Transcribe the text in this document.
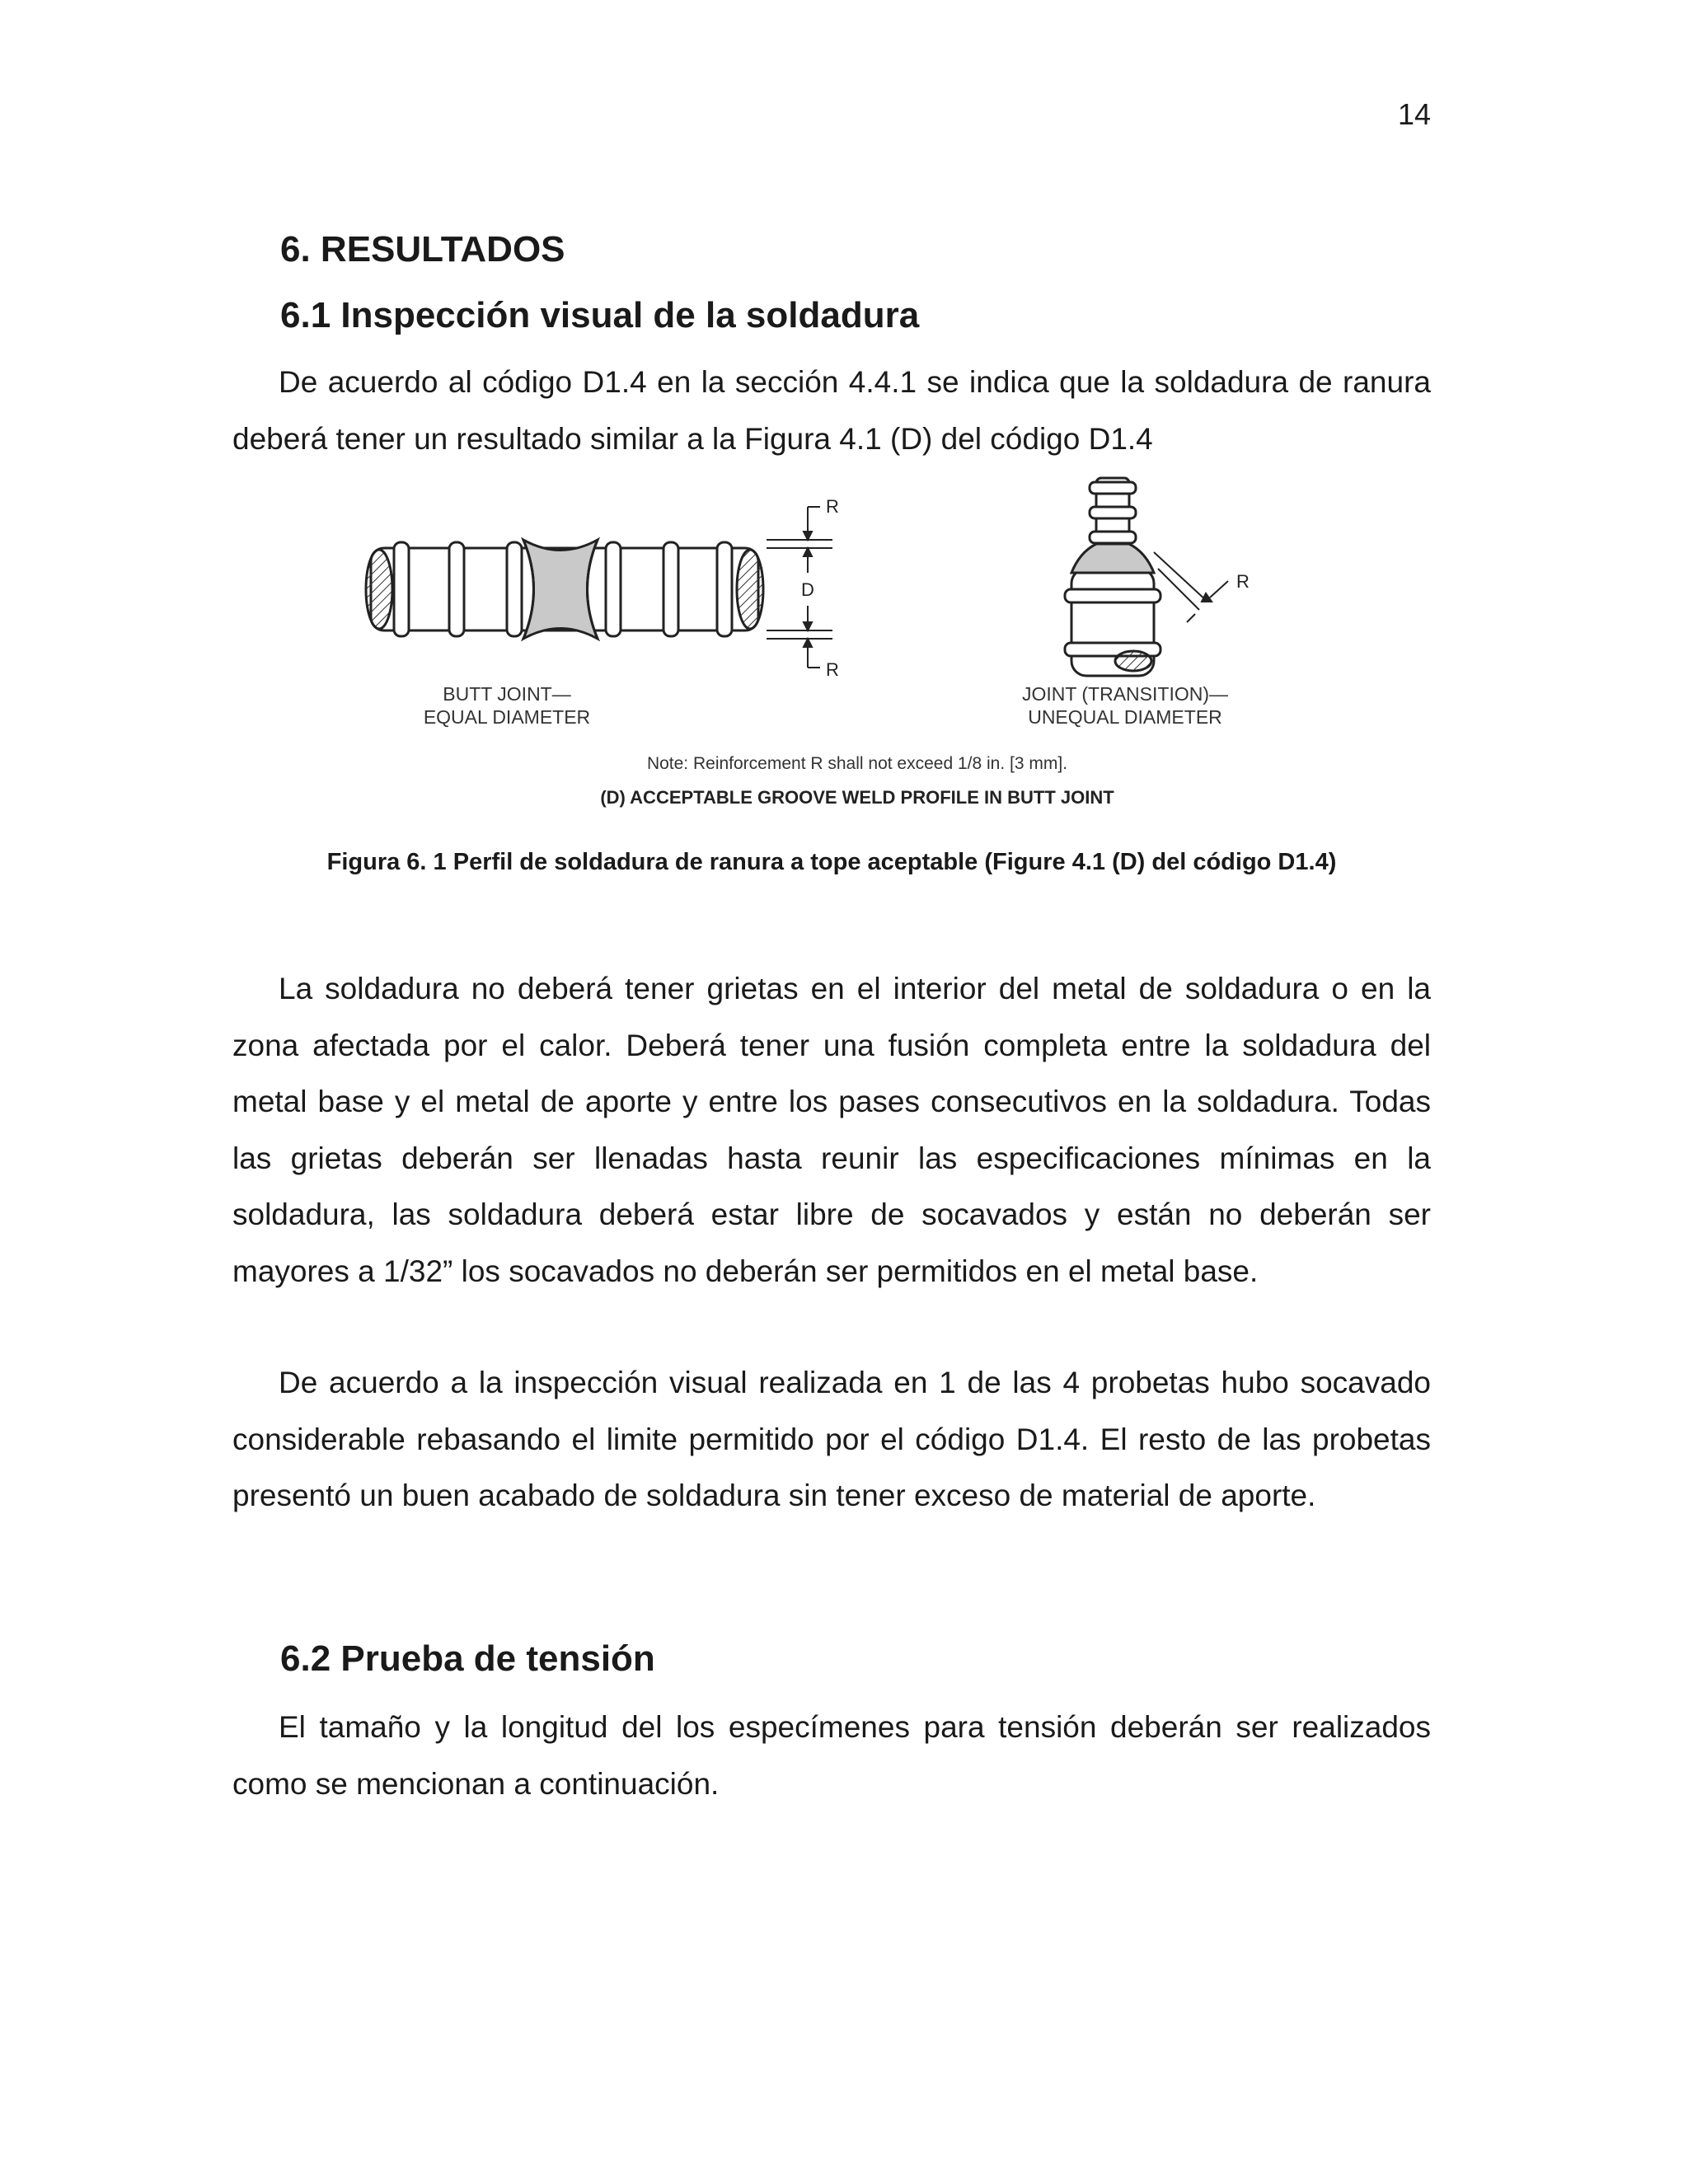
14
6. RESULTADOS
6.1 Inspección visual de la soldadura

De acuerdo al código D1.4 en la sección 4.4.1 se indica que la soldadura de ranura deberá tener un resultado similar a la Figura 4.1 (D) del código D1.4

R
D
R
BUTT JOINT—
EQUAL DIAMETER
R
JOINT (TRANSITION)—
UNEQUAL DIAMETER
Note: Reinforcement R shall not exceed 1/8 in. [3 mm].
(D) ACCEPTABLE GROOVE WELD PROFILE IN BUTT JOINT
Figura 6. 1 Perfil de soldadura de ranura a tope aceptable (Figure 4.1 (D) del código D1.4)

La soldadura no deberá tener grietas en el interior del metal de soldadura o en la zona afectada por el calor. Deberá tener una fusión completa entre la soldadura del metal base y el metal de aporte y entre los pases consecutivos en la soldadura. Todas las grietas deberán ser llenadas hasta reunir las especificaciones mínimas en la soldadura, las soldadura deberá estar libre de socavados y están no deberán ser mayores a 1/32” los socavados no deberán ser permitidos en el metal base.

De acuerdo a la inspección visual realizada en 1 de las 4 probetas hubo socavado considerable rebasando el limite permitido por el código D1.4. El resto de las probetas presentó un buen acabado de soldadura sin tener exceso de material de aporte.

6.2 Prueba de tensión

El tamaño y la longitud del los especímenes para tensión deberán ser realizados como se mencionan a continuación.
